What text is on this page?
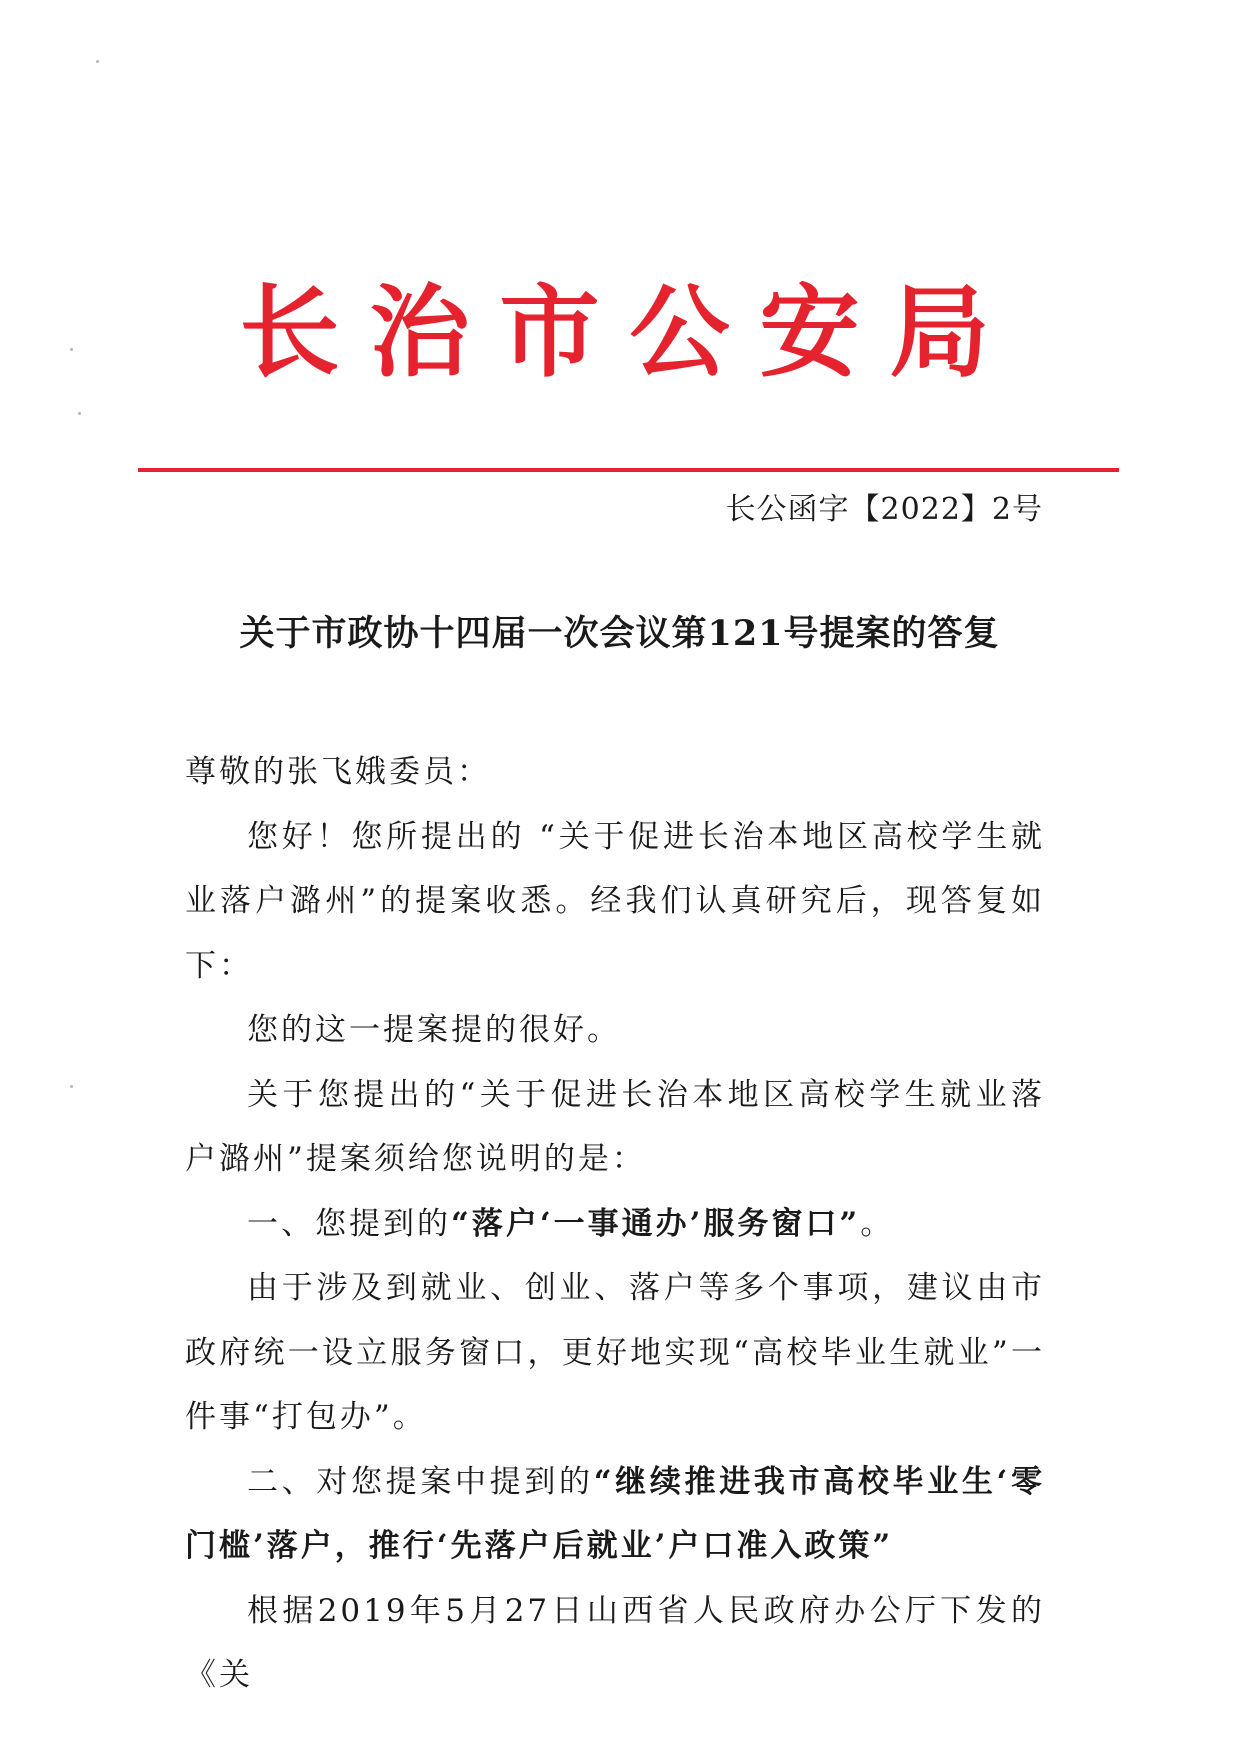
长治市公安局
长公函字【2022】2号
关于市政协十四届一次会议第121号提案的答复

尊敬的张飞娥委员：

您好！您所提出的 “关于促进长治本地区高校学生就业落户潞州”的提案收悉。经我们认真研究后，现答复如下：

您的这一提案提的很好。

关于您提出的“关于促进长治本地区高校学生就业落户潞州”提案须给您说明的是：

一、您提到的“落户‘一事通办’服务窗口”。

由于涉及到就业、创业、落户等多个事项，建议由市政府统一设立服务窗口，更好地实现“高校毕业生就业”一件事“打包办”。

二、对您提案中提到的“继续推进我市高校毕业生‘零门槛’落户，推行‘先落户后就业’户口准入政策”

根据2019年5月27日山西省人民政府办公厅下发的《关
